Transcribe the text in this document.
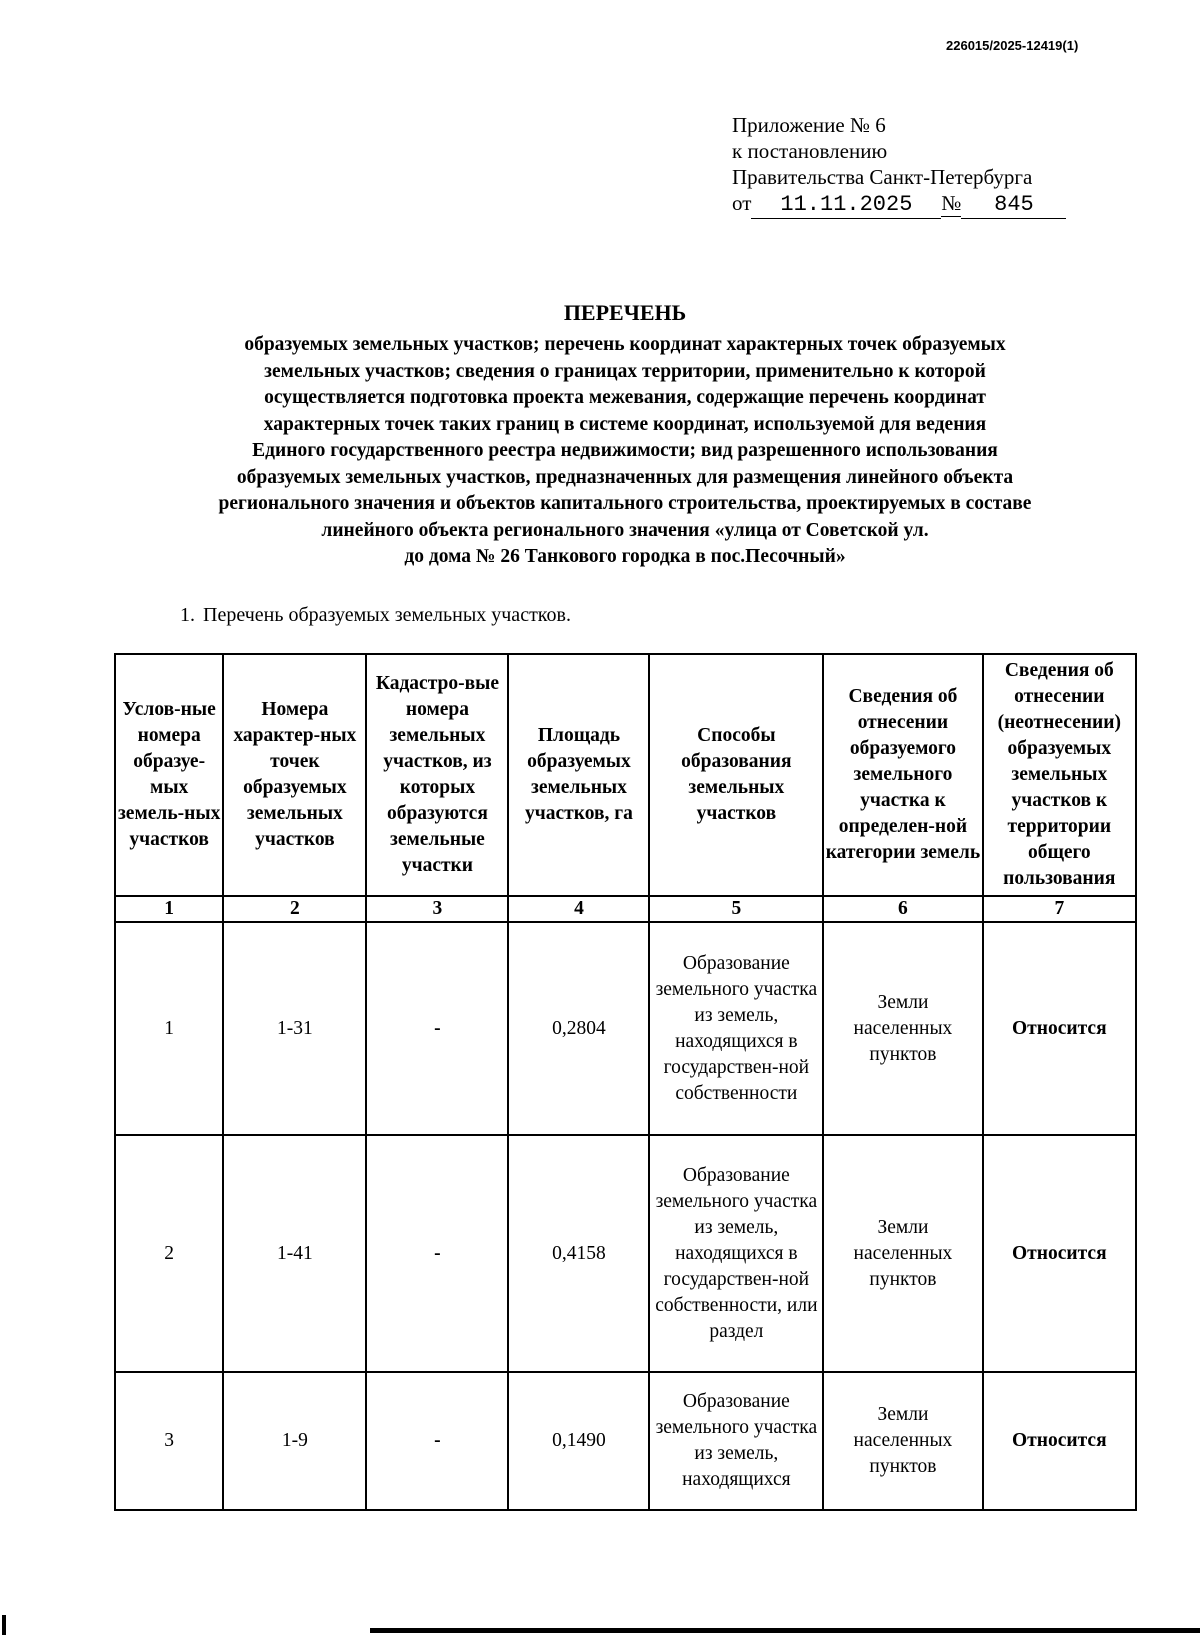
226015/2025-12419(1)
Приложение № 6
к постановлению
Правительства Санкт-Петербурга
от 11.11.2025 № 845
ПЕРЕЧЕНЬ
образуемых земельных участков; перечень координат характерных точек образуемых
земельных участков; сведения о границах территории, применительно к которой
осуществляется подготовка проекта межевания, содержащие перечень координат
характерных точек таких границ в системе координат, используемой для ведения
Единого государственного реестра недвижимости; вид разрешенного использования
образуемых земельных участков, предназначенных для размещения линейного объекта
регионального значения и объектов капитального строительства, проектируемых в составе
линейного объекта регионального значения «улица от Советской ул.
до дома № 26 Танкового городка в пос.Песочный»
1. Перечень образуемых земельных участков.
Услов-ные номера образуе-мых земель-ных участков	Номера характер-ных точек образуемых земельных участков	Кадастро-вые номера земельных участков, из которых образуются земельные участки	Площадь образуемых земельных участков, га	Способы образования земельных участков	Сведения об отнесении образуемого земельного участка к определен-ной категории земель	Сведения об отнесении (неотнесении) образуемых земельных участков к территории общего пользования
1	2	3	4	5	6	7
1	1-31	-	0,2804	Образование земельного участка из земель, находящихся в государствен-ной собственности	Земли населенных пунктов	Относится
2	1-41	-	0,4158	Образование земельного участка из земель, находящихся в государствен-ной собственности, или раздел	Земли населенных пунктов	Относится
3	1-9	-	0,1490	Образование земельного участка из земель, находящихся	Земли населенных пунктов	Относится
